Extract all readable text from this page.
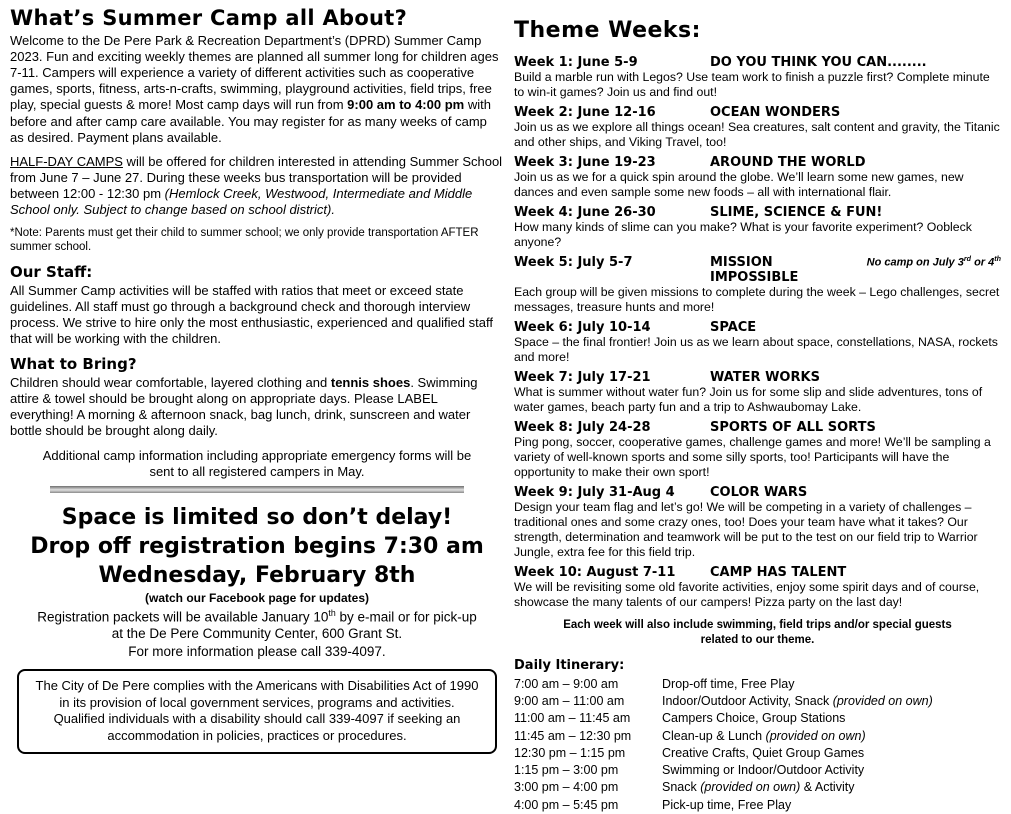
What’s Summer Camp all About?

Welcome to the De Pere Park & Recreation Department’s (DPRD) Summer Camp 2023. Fun and exciting weekly themes are planned all summer long for children ages 7-11. Campers will experience a variety of different activities such as cooperative games, sports, fitness, arts-n-crafts, swimming, playground activities, field trips, free play, special guests & more! Most camp days will run from 9:00 am to 4:00 pm with before and after camp care available. You may register for as many weeks of camp as desired. Payment plans available.

HALF-DAY CAMPS will be offered for children interested in attending Summer School from June 7 – June 27. During these weeks bus transportation will be provided between 12:00 - 12:30 pm (Hemlock Creek, Westwood, Intermediate and Middle School only. Subject to change based on school district).

*Note: Parents must get their child to summer school; we only provide transportation AFTER summer school.

Our Staff:

All Summer Camp activities will be staffed with ratios that meet or exceed state guidelines. All staff must go through a background check and thorough interview process. We strive to hire only the most enthusiastic, experienced and qualified staff that will be working with the children.

What to Bring?

Children should wear comfortable, layered clothing and tennis shoes. Swimming attire & towel should be brought along on appropriate days. Please LABEL everything! A morning & afternoon snack, bag lunch, drink, sunscreen and water bottle should be brought along daily.

Additional camp information including appropriate emergency forms will be sent to all registered campers in May.

Space is limited so don’t delay!
Drop off registration begins 7:30 am
Wednesday, February 8th
(watch our Facebook page for updates)
Registration packets will be available January 10th by e-mail or for pick-up at the De Pere Community Center, 600 Grant St.
For more information please call 339-4097.
The City of De Pere complies with the Americans with Disabilities Act of 1990 in its provision of local government services, programs and activities. Qualified individuals with a disability should call 339-4097 if seeking an accommodation in policies, practices or procedures.
Theme Weeks:
Week 1: June 5-9	DO YOU THINK YOU CAN........
Build a marble run with Legos? Use team work to finish a puzzle first? Complete minute to win-it games? Join us and find out!
Week 2: June 12-16	OCEAN WONDERS
Join us as we explore all things ocean! Sea creatures, salt content and gravity, the Titanic and other ships, and Viking Travel, too!
Week 3: June 19-23	AROUND THE WORLD
Join us as we for a quick spin around the globe. We’ll learn some new games, new dances and even sample some new foods – all with international flair.
Week 4: June 26-30	SLIME, SCIENCE & FUN!
How many kinds of slime can you make? What is your favorite experiment? Oobleck anyone?
Week 5: July 5-7	MISSION IMPOSSIBLE
No camp on July 3rd or 4th
Each group will be given missions to complete during the week – Lego challenges, secret messages, treasure hunts and more!
Week 6: July 10-14	SPACE
Space – the final frontier! Join us as we learn about space, constellations, NASA, rockets and more!
Week 7: July 17-21	WATER WORKS
What is summer without water fun? Join us for some slip and slide adventures, tons of water games, beach party fun and a trip to Ashwaubomay Lake.
Week 8: July 24-28	SPORTS OF ALL SORTS
Ping pong, soccer, cooperative games, challenge games and more! We’ll be sampling a variety of well-known sports and some silly sports, too! Participants will have the opportunity to make their own sport!
Week 9: July 31-Aug 4	COLOR WARS
Design your team flag and let’s go! We will be competing in a variety of challenges – traditional ones and some crazy ones, too! Does your team have what it takes? Our strength, determination and teamwork will be put to the test on our field trip to Warrior Jungle, extra fee for this field trip.
Week 10: August 7-11	CAMP HAS TALENT
We will be revisiting some old favorite activities, enjoy some spirit days and of course, showcase the many talents of our campers! Pizza party on the last day!
Each week will also include swimming, field trips and/or special guests related to our theme.
Daily Itinerary:
7:00 am – 9:00 am	Drop-off time, Free Play
9:00 am – 11:00 am	Indoor/Outdoor Activity, Snack (provided on own)
11:00 am – 11:45 am	Campers Choice, Group Stations
11:45 am – 12:30 pm	Clean-up & Lunch (provided on own)
12:30 pm – 1:15 pm	Creative Crafts, Quiet Group Games
1:15 pm – 3:00 pm	Swimming or Indoor/Outdoor Activity
3:00 pm – 4:00 pm	Snack (provided on own) & Activity
4:00 pm – 5:45 pm	Pick-up time, Free Play
